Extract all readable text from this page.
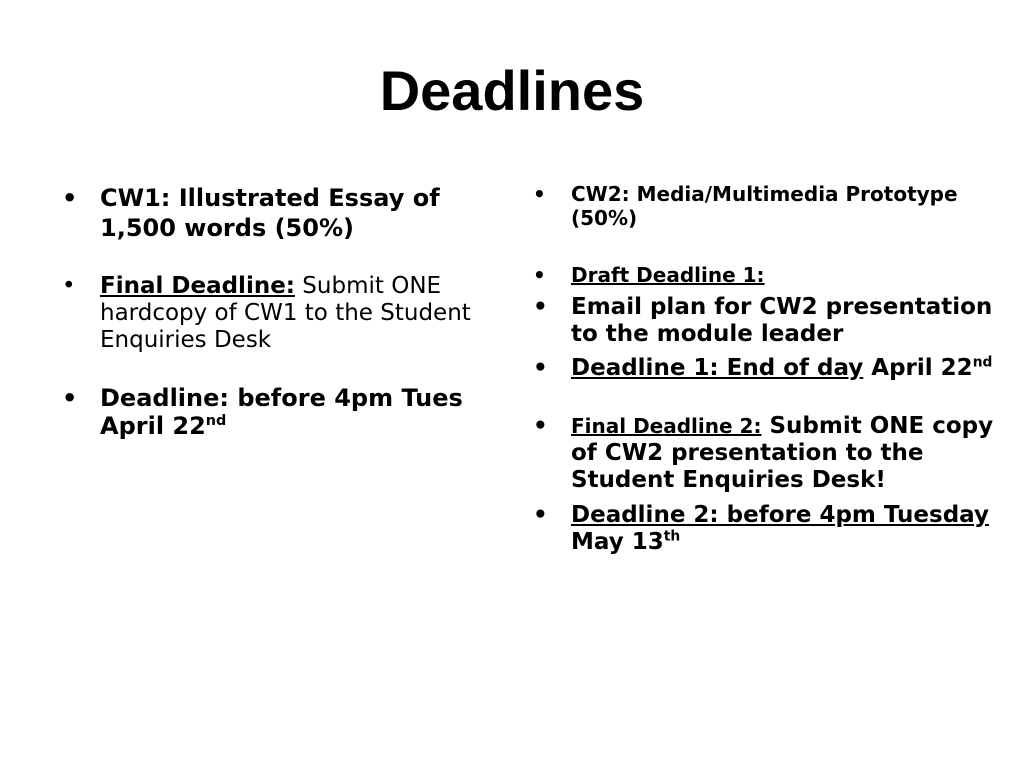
Deadlines
• CW1: Illustrated Essay of 1,500 words (50%)
• Final Deadline: Submit ONE hardcopy of CW1 to the Student Enquiries Desk
• Deadline: before 4pm Tues April 22nd
• CW2: Media/Multimedia Prototype (50%)
• Draft Deadline 1:
• Email plan for CW2 presentation to the module leader
• Deadline 1: End of day April 22nd
• Final Deadline 2: Submit ONE copy of CW2 presentation to the Student Enquiries Desk!
• Deadline 2: before 4pm Tuesday May 13th
